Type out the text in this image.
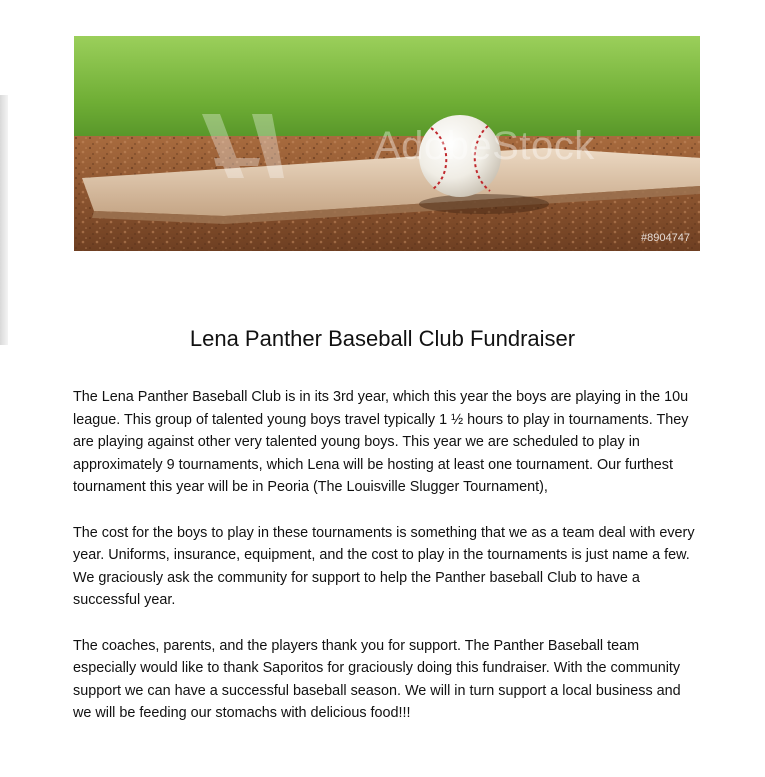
AdobeStock
#8904747
Lena Panther Baseball Club Fundraiser

The Lena Panther Baseball Club is in its 3rd year, which this year the boys are playing in the 10u league. This group of talented young boys travel typically 1 ½ hours to play in tournaments. They are playing against other very talented young boys. This year we are scheduled to play in approximately 9 tournaments, which Lena will be hosting at least one tournament. Our furthest tournament this year will be in Peoria (The Louisville Slugger Tournament),

The cost for the boys to play in these tournaments is something that we as a team deal with every year. Uniforms, insurance, equipment, and the cost to play in the tournaments is just name a few. We graciously ask the community for support to help the Panther baseball Club to have a successful year.

The coaches, parents, and the players thank you for support. The Panther Baseball team especially would like to thank Saporitos for graciously doing this fundraiser. With the community support we can have a successful baseball season. We will in turn support a local business and we will be feeding our stomachs with delicious food!!!
